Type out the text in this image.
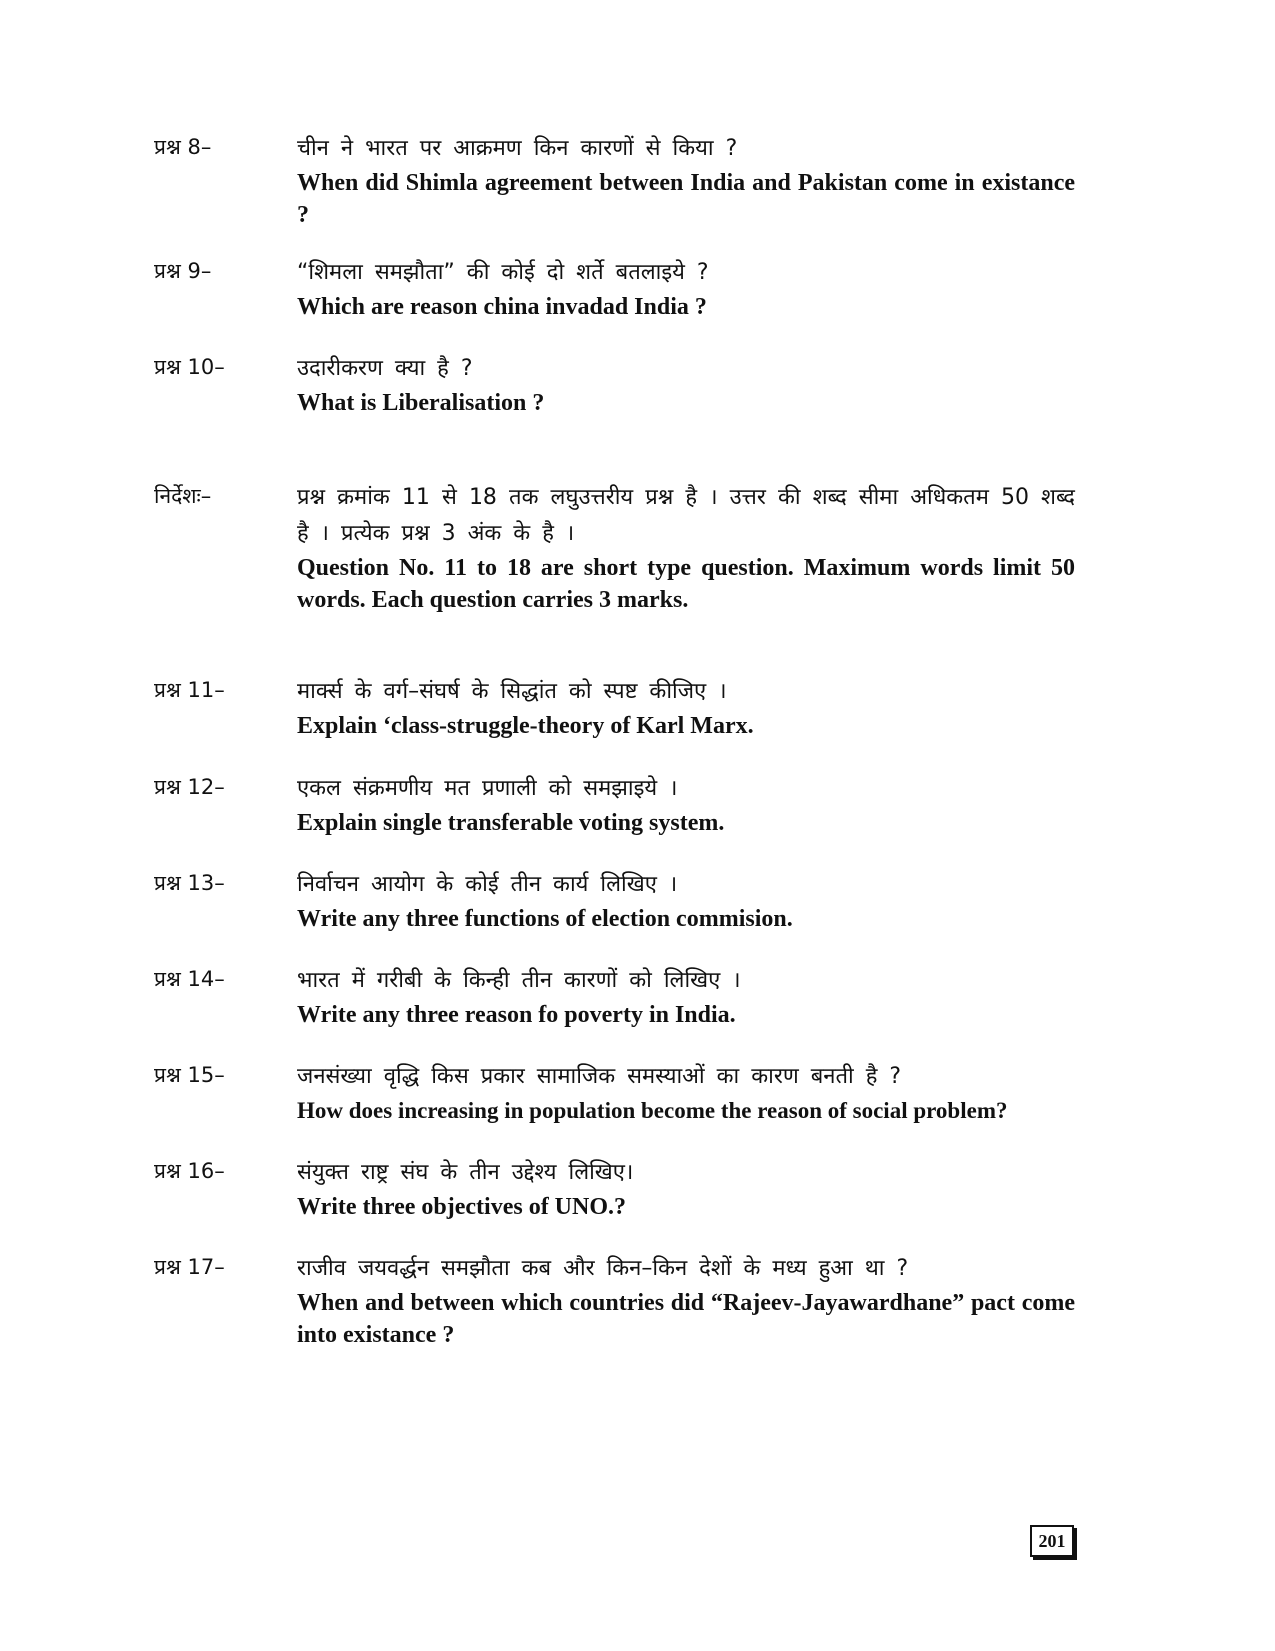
प्रश्न 8–	चीन ने भारत पर आक्रमण किन कारणों से किया ?

When did Shimla agreement between India and Pakistan come in existance ?

प्रश्न 9–	“शिमला समझौता” की कोई दो शर्ते बतलाइये ?

Which are reason china invadad India ?

प्रश्न 10–	उदारीकरण क्या है ?

What is Liberalisation ?

निर्देशः–	प्रश्न क्रमांक 11 से 18 तक लघुउत्तरीय प्रश्न है । उत्तर की शब्द सीमा अधिकतम 50 शब्द है । प्रत्येक प्रश्न 3 अंक के है ।

Question No. 11 to 18 are short type question. Maximum words limit 50 words. Each question carries 3 marks.

प्रश्न 11–	मार्क्स के वर्ग–संघर्ष के सिद्धांत को स्पष्ट कीजिए ।

Explain ‘class-struggle-theory of Karl Marx.

प्रश्न 12–	एकल संक्रमणीय मत प्रणाली को समझाइये ।

Explain single transferable voting system.

प्रश्न 13–	निर्वाचन आयोग के कोई तीन कार्य लिखिए ।

Write any three functions of election commision.

प्रश्न 14–	भारत में गरीबी के किन्ही तीन कारणों को लिखिए ।

Write any three reason fo poverty in India.

प्रश्न 15–	जनसंख्या वृद्धि किस प्रकार सामाजिक समस्याओं का कारण बनती है ?

How does increasing in population become the reason of social problem?

प्रश्न 16–	संयुक्त राष्ट्र संघ के तीन उद्देश्य लिखिए।

Write three objectives of UNO.?

प्रश्न 17–	राजीव जयवर्द्धन समझौता कब और किन–किन देशों के मध्य हुआ था ?

When and between which countries did “Rajeev-Jayawardhane” pact come into existance ?

201
